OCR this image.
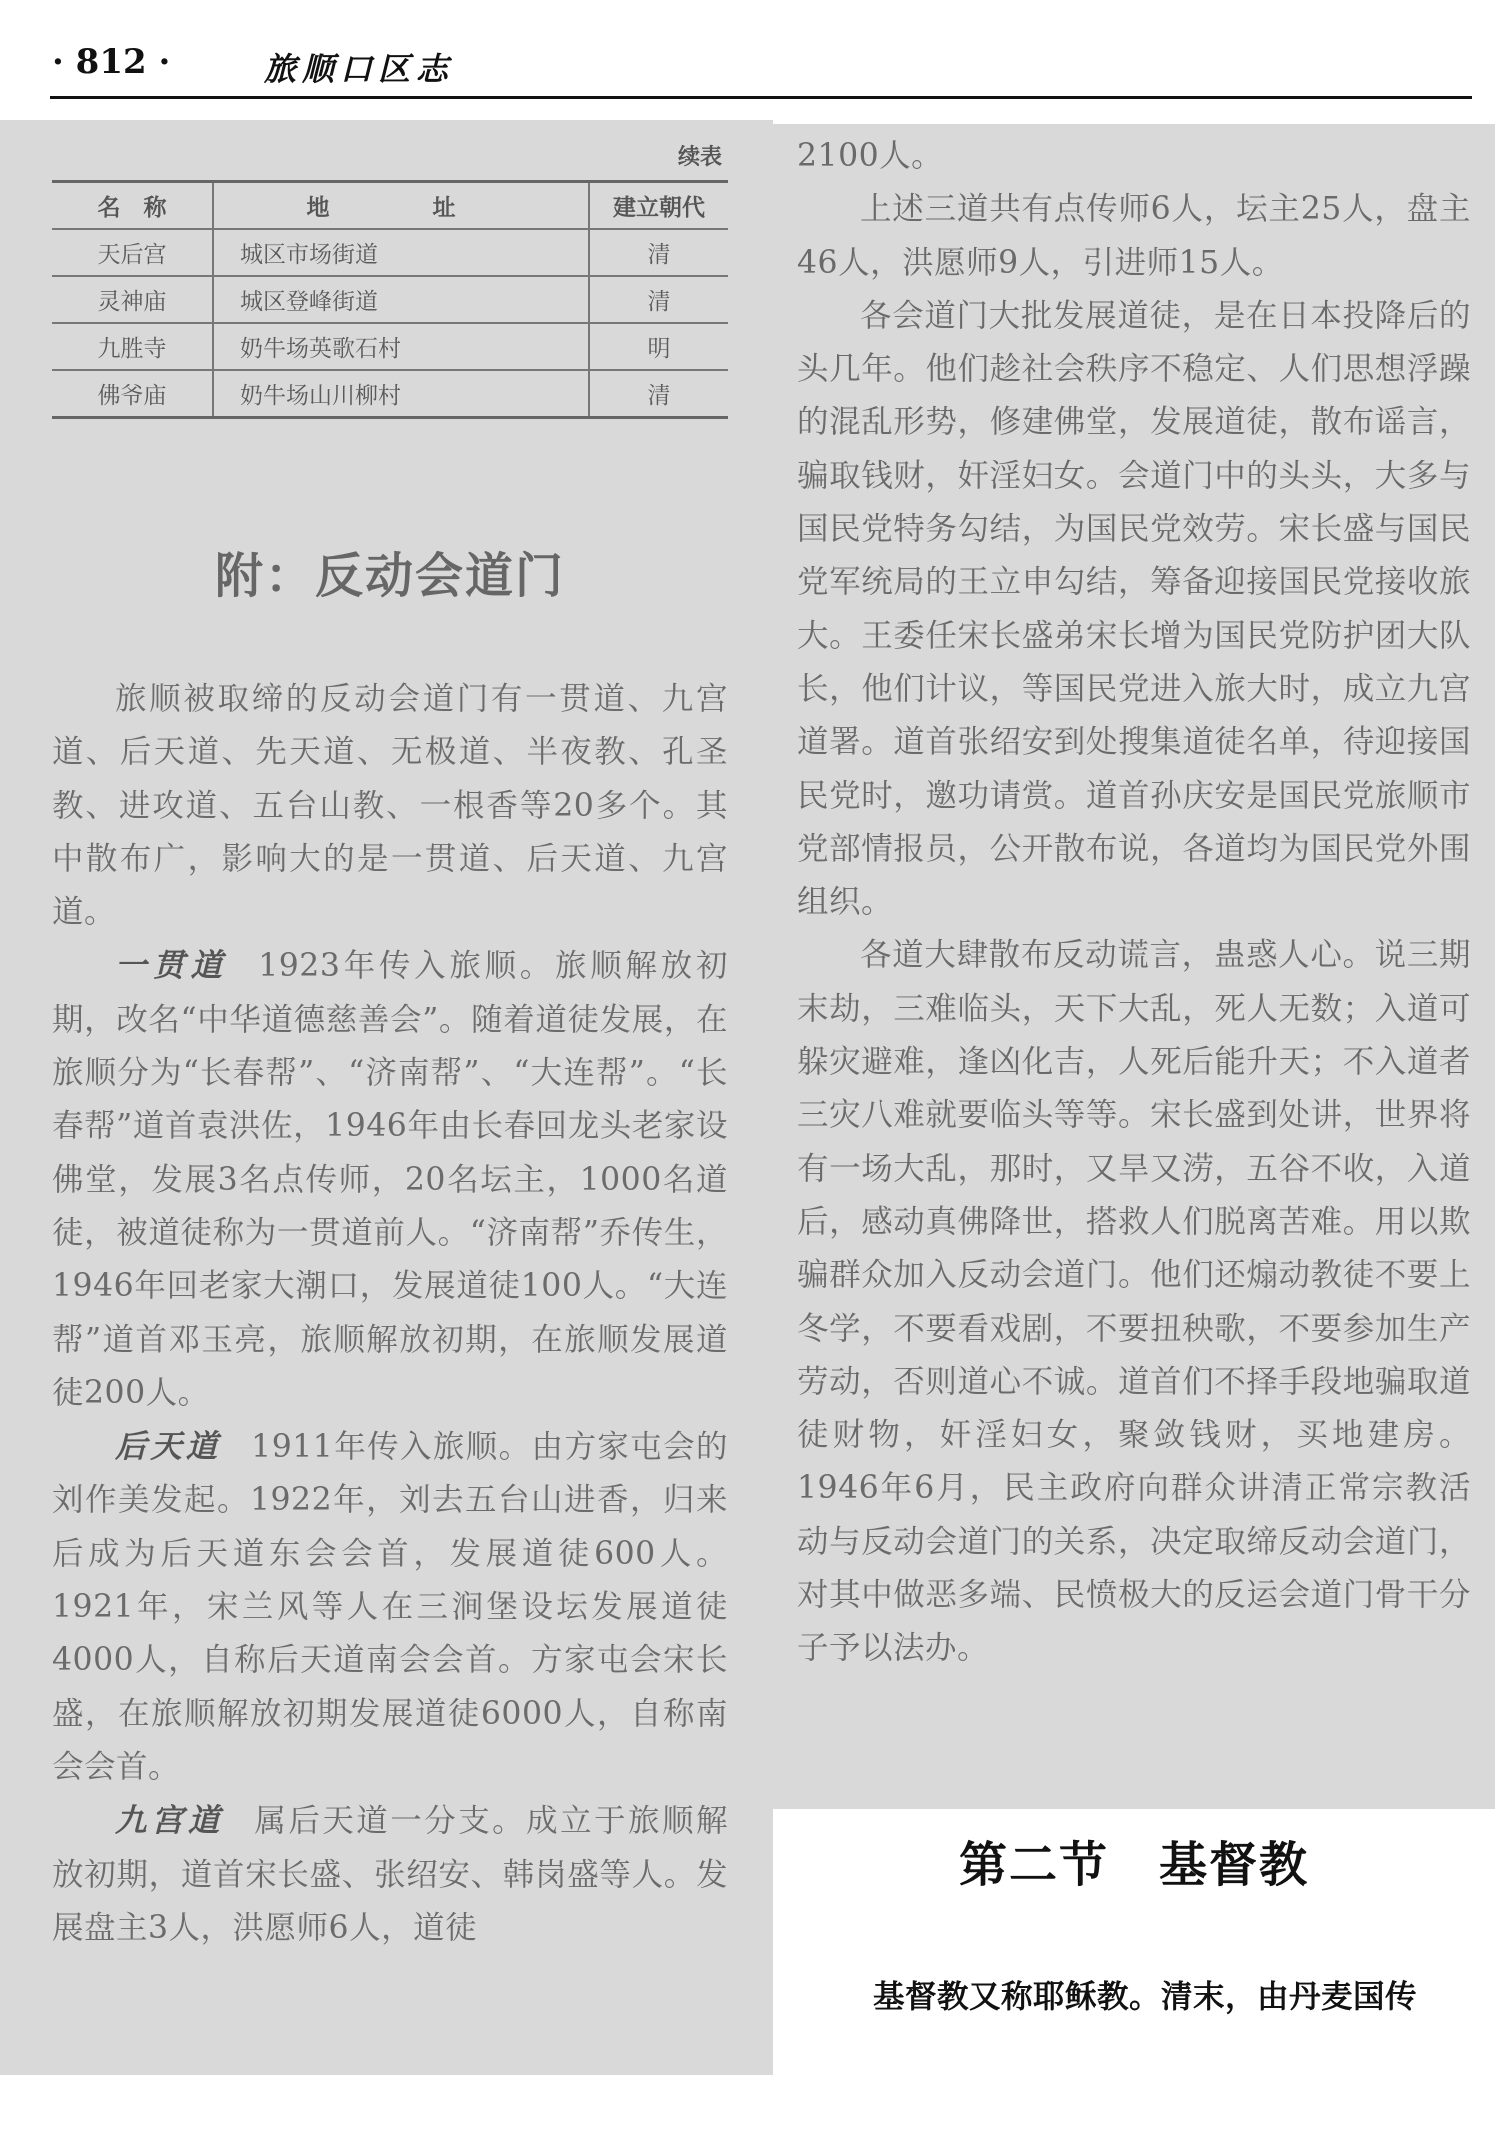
· 812 ·	旅顺口区志
续表
名　称	地　址	建立朝代
天后宫	城区市场街道	清
灵神庙	城区登峰街道	清
九胜寺	奶牛场英歌石村	明
佛爷庙	奶牛场山川柳村	清
附：反动会道门

旅顺被取缔的反动会道门有一贯道、九宫道、后天道、先天道、无极道、半夜教、孔圣教、进攻道、五台山教、一根香等20多个。其中散布广，影响大的是一贯道、后天道、九宫道。

一贯道 1923年传入旅顺。旅顺解放初期，改名“中华道德慈善会”。随着道徒发展，在旅顺分为“长春帮”、“济南帮”、“大连帮”。“长春帮”道首袁洪佐，1946年由长春回龙头老家设佛堂，发展3名点传师，20名坛主，1000名道徒，被道徒称为一贯道前人。“济南帮”乔传生，1946年回老家大潮口，发展道徒100人。“大连帮”道首邓玉亮，旅顺解放初期，在旅顺发展道徒200人。

后天道 1911年传入旅顺。由方家屯会的刘作美发起。1922年，刘去五台山进香，归来后成为后天道东会会首，发展道徒600人。1921年，宋兰风等人在三涧堡设坛发展道徒4000人，自称后天道南会会首。方家屯会宋长盛，在旅顺解放初期发展道徒6000人，自称南会会首。

九宫道 属后天道一分支。成立于旅顺解放初期，道首宋长盛、张绍安、韩岗盛等人。发展盘主3人，洪愿师6人，道徒

2100人。

上述三道共有点传师6人，坛主25人，盘主46人，洪愿师9人，引进师15人。

各会道门大批发展道徒，是在日本投降后的头几年。他们趁社会秩序不稳定、人们思想浮躁的混乱形势，修建佛堂，发展道徒，散布谣言，骗取钱财，奸淫妇女。会道门中的头头，大多与国民党特务勾结，为国民党效劳。宋长盛与国民党军统局的王立申勾结，筹备迎接国民党接收旅大。王委任宋长盛弟宋长增为国民党防护团大队长，他们计议，等国民党进入旅大时，成立九宫道署。道首张绍安到处搜集道徒名单，待迎接国民党时，邀功请赏。道首孙庆安是国民党旅顺市党部情报员，公开散布说，各道均为国民党外围组织。

各道大肆散布反动谎言，蛊惑人心。说三期末劫，三难临头，天下大乱，死人无数；入道可躲灾避难，逢凶化吉，人死后能升天；不入道者三灾八难就要临头等等。宋长盛到处讲，世界将有一场大乱，那时，又旱又涝，五谷不收，入道后，感动真佛降世，搭救人们脱离苦难。用以欺骗群众加入反动会道门。他们还煽动教徒不要上冬学，不要看戏剧，不要扭秧歌，不要参加生产劳动，否则道心不诚。道首们不择手段地骗取道徒财物，奸淫妇女，聚敛钱财，买地建房。1946年6月，民主政府向群众讲清正常宗教活动与反动会道门的关系，决定取缔反动会道门，对其中做恶多端、民愤极大的反运会道门骨干分子予以法办。

第二节　基督教
基督教又称耶稣教。清末，由丹麦国传
